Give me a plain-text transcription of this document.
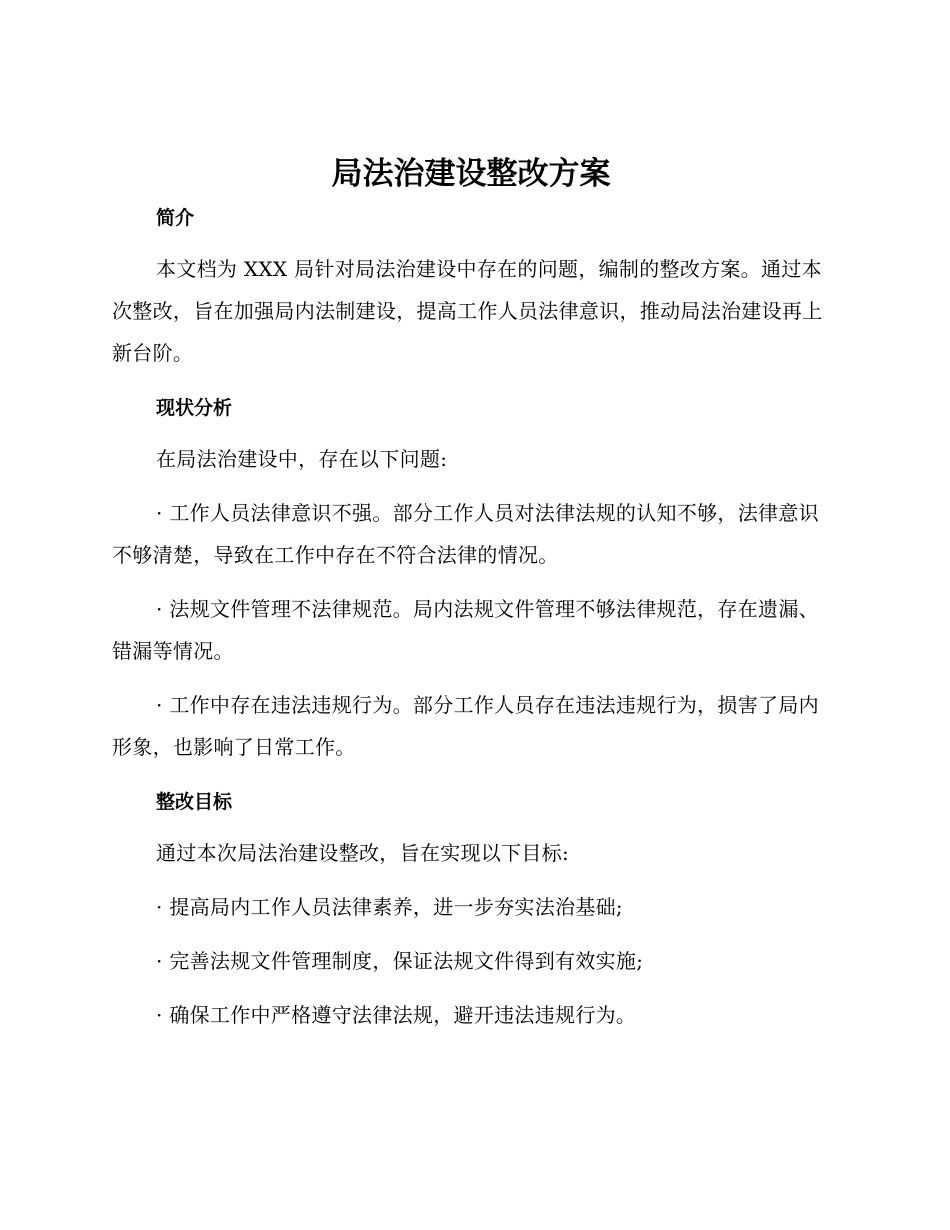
局法治建设整改方案
简介

本文档为 XXX 局针对局法治建设中存在的问题，编制的整改方案。通过本次整改，旨在加强局内法制建设，提高工作人员法律意识，推动局法治建设再上新台阶。

现状分析

在局法治建设中，存在以下问题:

· 工作人员法律意识不强。部分工作人员对法律法规的认知不够，法律意识不够清楚，导致在工作中存在不符合法律的情况。

· 法规文件管理不法律规范。局内法规文件管理不够法律规范，存在遗漏、错漏等情况。

· 工作中存在违法违规行为。部分工作人员存在违法违规行为，损害了局内形象，也影响了日常工作。

整改目标

通过本次局法治建设整改，旨在实现以下目标:

· 提高局内工作人员法律素养，进一步夯实法治基础;

· 完善法规文件管理制度，保证法规文件得到有效实施;

· 确保工作中严格遵守法律法规，避开违法违规行为。
